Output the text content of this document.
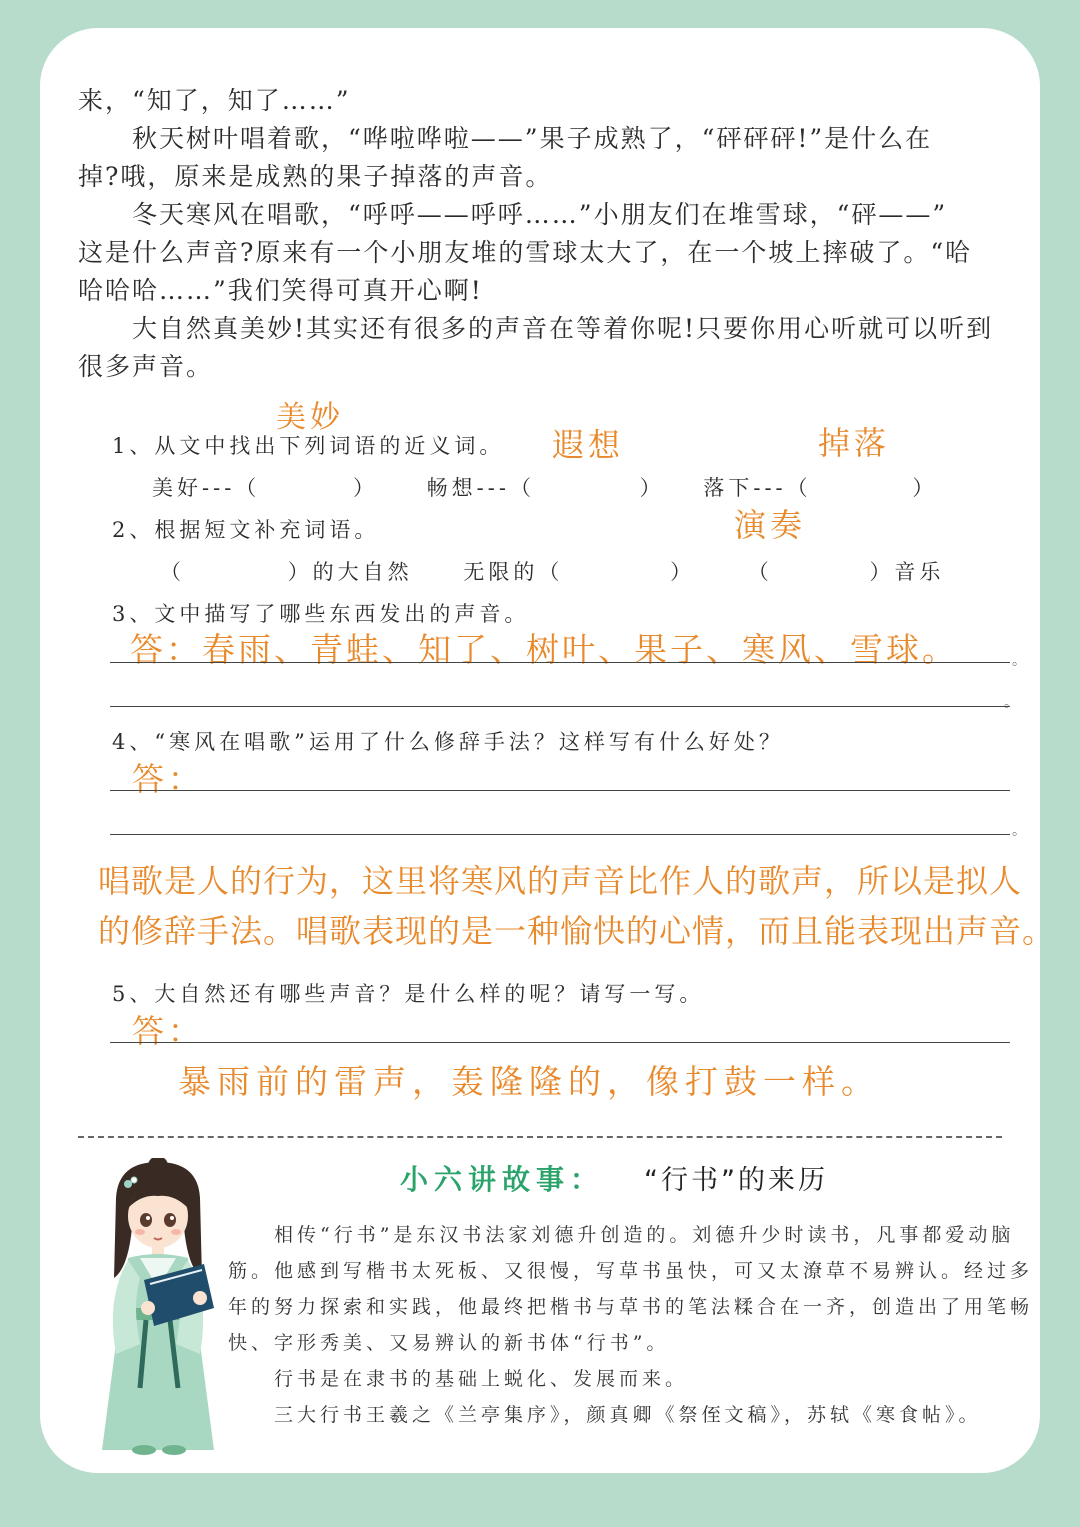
来，“知了，知了……”

　　秋天树叶唱着歌，“哗啦哗啦——”果子成熟了，“砰砰砰!”是什么在

掉?哦，原来是成熟的果子掉落的声音。

　　冬天寒风在唱歌，“呼呼——呼呼……”小朋友们在堆雪球，“砰——”

这是什么声音?原来有一个小朋友堆的雪球太大了，在一个坡上摔破了。“哈

哈哈哈……”我们笑得可真开心啊!

　　大自然真美妙!其实还有很多的声音在等着你呢!只要你用心听就可以听到

很多声音。

美妙
1、从文中找出下列词语的近义词。 遐想	掉落
美好---（	） 畅想---（	） 落下---（	）
演奏
2、根据短文补充词语。
（	）的大自然 无限的（	）	（	）音乐
3、文中描写了哪些东西发出的声音。
答：春雨、青蛙、知了、树叶、果子、寒风、雪球。	。
。
4、“寒风在唱歌”运用了什么修辞手法？这样写有什么好处？
答：
。
唱歌是人的行为，这里将寒风的声音比作人的歌声，所以是拟人
的修辞手法。唱歌表现的是一种愉快的心情，而且能表现出声音。
5、大自然还有哪些声音？是什么样的呢？请写一写。
答：
暴雨前的雷声，轰隆隆的，像打鼓一样。
小六讲故事： “行书”的来历
　　相传“行书”是东汉书法家刘德升创造的。刘德升少时读书，凡事都爱动脑
筋。他感到写楷书太死板、又很慢，写草书虽快，可又太潦草不易辨认。经过多
年的努力探索和实践，他最终把楷书与草书的笔法糅合在一齐，创造出了用笔畅
快、字形秀美、又易辨认的新书体“行书”。
　　行书是在隶书的基础上蜕化、发展而来。
　　三大行书王羲之《兰亭集序》，颜真卿《祭侄文稿》，苏轼《寒食帖》。
